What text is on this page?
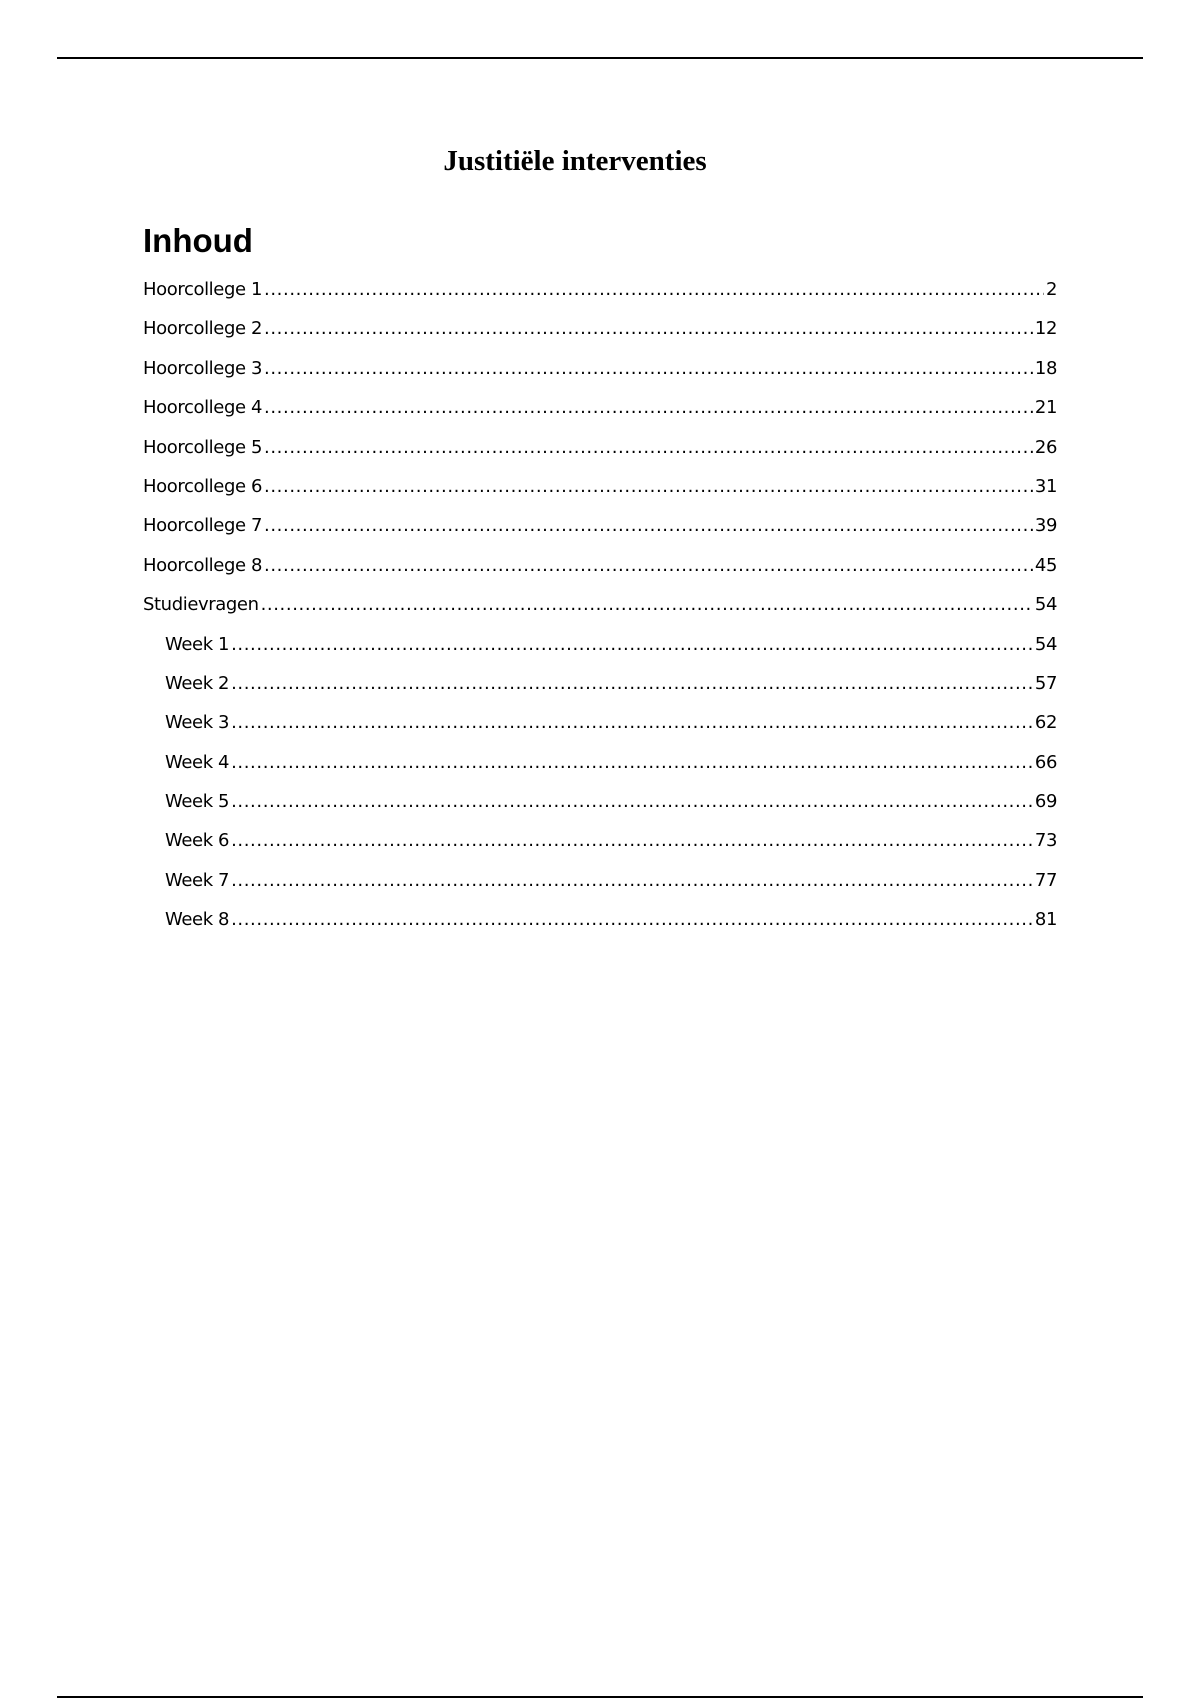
Justitiële interventies
Inhoud
Hoorcollege 1 .....	2
Hoorcollege 2 .....	12
Hoorcollege 3 .....	18
Hoorcollege 4 .....	21
Hoorcollege 5 .....	26
Hoorcollege 6 .....	31
Hoorcollege 7 .....	39
Hoorcollege 8 .....	45
Studievragen .....	54
Week 1 .....	54
Week 2 .....	57
Week 3 .....	62
Week 4 .....	66
Week 5 .....	69
Week 6 .....	73
Week 7 .....	77
Week 8 .....	81
